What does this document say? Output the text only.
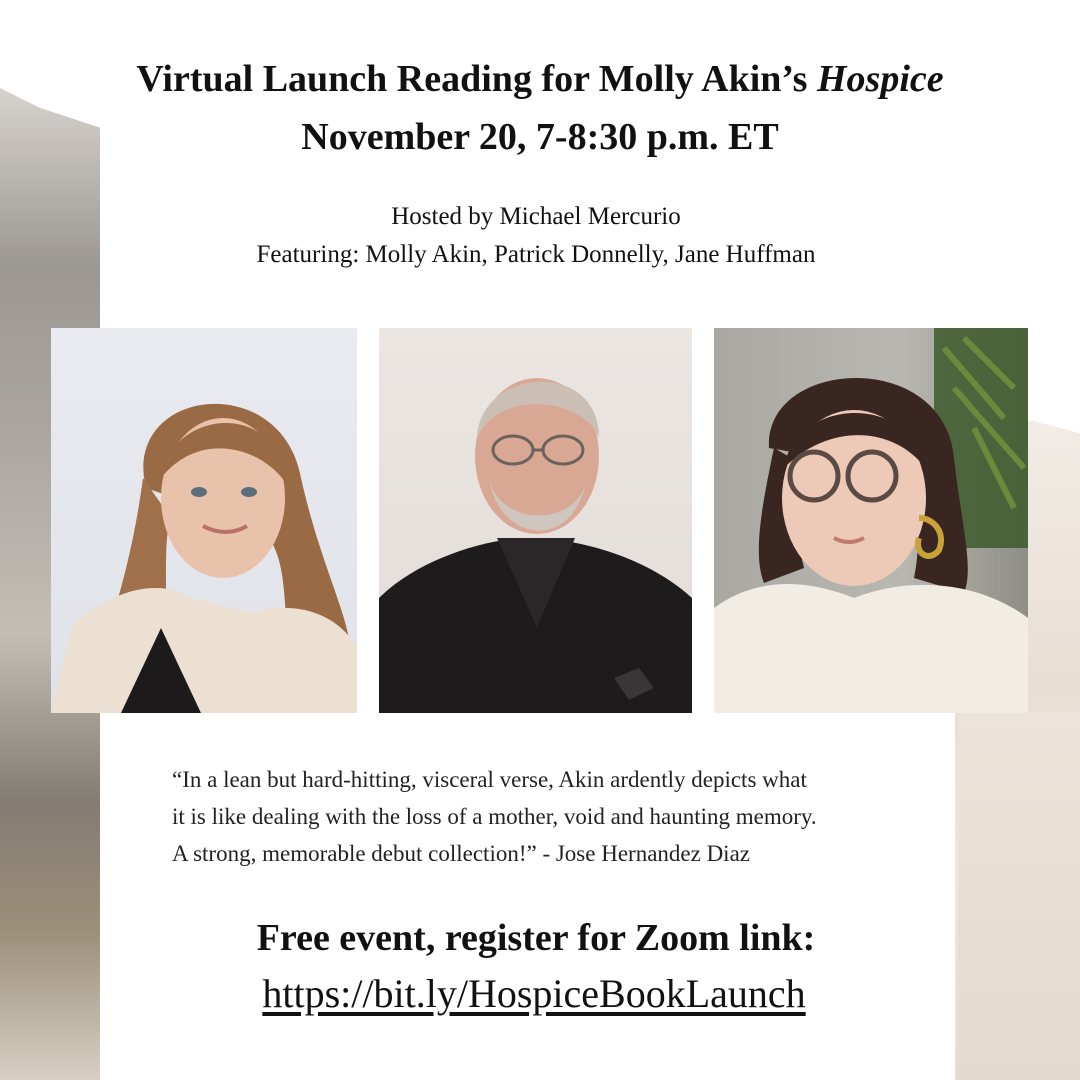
Virtual Launch Reading for Molly Akin’s Hospice
November 20, 7-8:30 p.m. ET
Hosted by Michael Mercurio
Featuring: Molly Akin, Patrick Donnelly, Jane Huffman
“In a lean but hard-hitting, visceral verse, Akin ardently depicts what
it is like dealing with the loss of a mother, void and haunting memory.
A strong, memorable debut collection!” - Jose Hernandez Diaz
Free event, register for Zoom link:
https://bit.ly/HospiceBookLaunch
